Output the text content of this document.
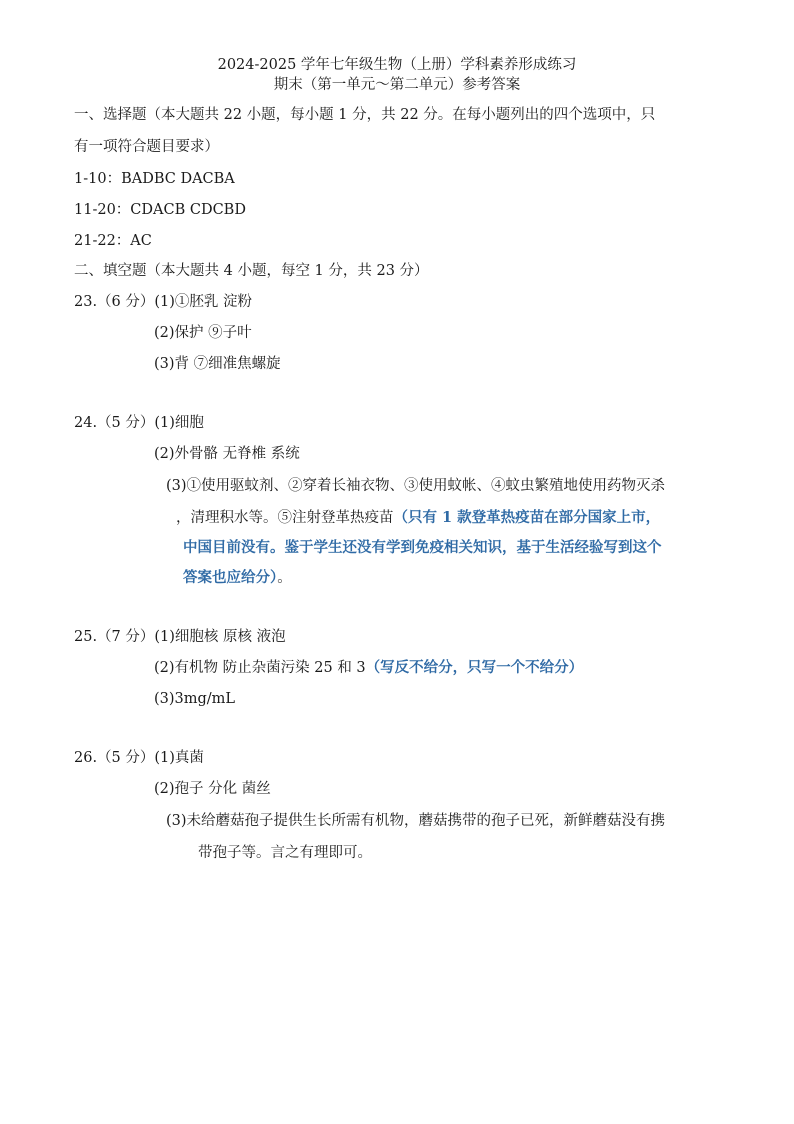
2024-2025 学年七年级生物（上册）学科素养形成练习
期末（第一单元～第二单元）参考答案
一、选择题（本大题共 22 小题，每小题 1 分，共 22 分。在每小题列出的四个选项中，只
有一项符合题目要求）
1-10：BADBC DACBA
11-20：CDACB CDCBD
21-22：AC
二、填空题（本大题共 4 小题，每空 1 分，共 23 分）
23.（6 分）(1)①胚乳 淀粉
(2)保护 ⑨子叶
(3)背 ⑦细准焦螺旋
24.（5 分）(1)细胞
(2)外骨骼 无脊椎 系统
(3)①使用驱蚊剂、②穿着长袖衣物、③使用蚊帐、④蚊虫繁殖地使用药物灭杀
，清理积水等。⑤注射登革热疫苗（只有 1 款登革热疫苗在部分国家上市，
中国目前没有。鉴于学生还没有学到免疫相关知识，基于生活经验写到这个
答案也应给分）。
25.（7 分）(1)细胞核 原核 液泡
(2)有机物 防止杂菌污染 25 和 3（写反不给分，只写一个不给分）
(3)3mg/mL
26.（5 分）(1)真菌
(2)孢子 分化 菌丝
(3)未给蘑菇孢子提供生长所需有机物，蘑菇携带的孢子已死，新鲜蘑菇没有携
带孢子等。言之有理即可。
